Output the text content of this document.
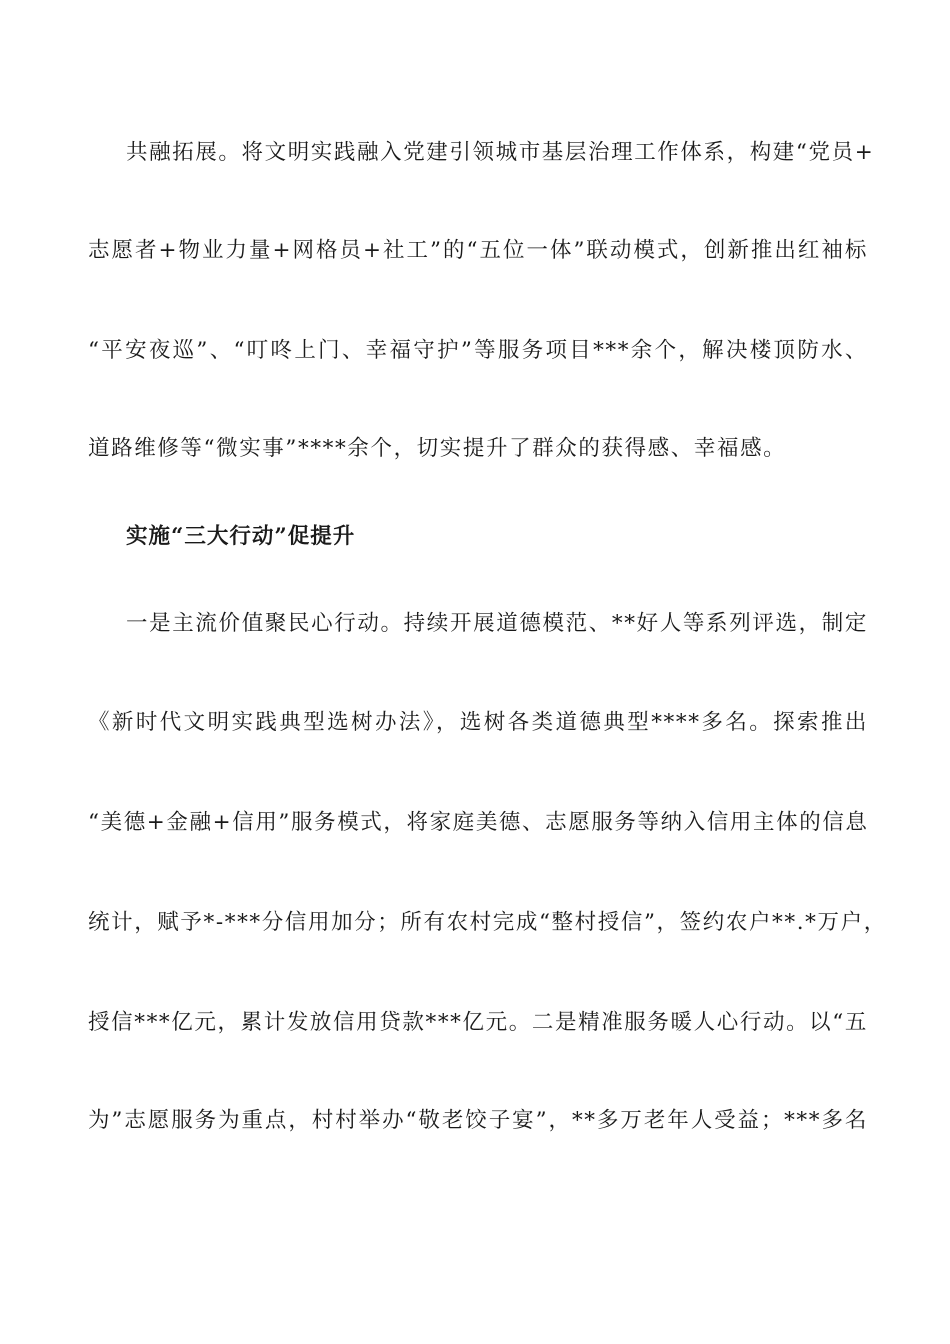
共融拓展。将文明实践融入党建引领城市基层治理工作体系，构建“党员+
志愿者+物业力量+网格员+社工”的“五位一体”联动模式，创新推出红袖标
“平安夜巡”、“叮咚上门、幸福守护”等服务项目***余个，解决楼顶防水、
道路维修等“微实事”****余个，切实提升了群众的获得感、幸福感。
实施“三大行动”促提升
一是主流价值聚民心行动。持续开展道德模范、**好人等系列评选，制定
《新时代文明实践典型选树办法》，选树各类道德典型****多名。探索推出
“美德+金融+信用”服务模式，将家庭美德、志愿服务等纳入信用主体的信息
统计，赋予*-***分信用加分；所有农村完成“整村授信”，签约农户**.*万户，
授信***亿元，累计发放信用贷款***亿元。二是精准服务暖人心行动。以“五
为”志愿服务为重点，村村举办“敬老饺子宴”，**多万老年人受益；***多名
